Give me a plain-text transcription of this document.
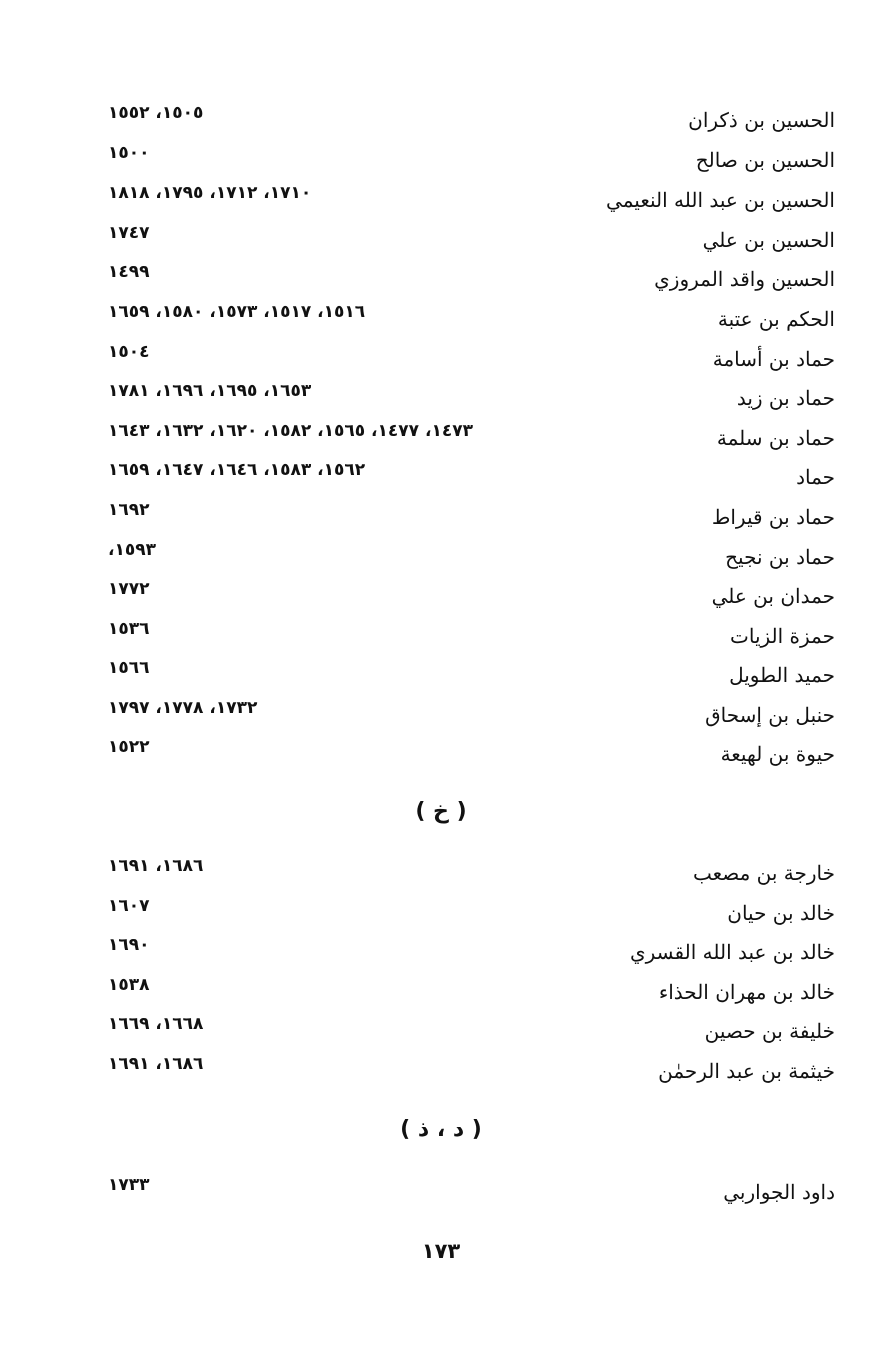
الحسين بن ذكران
١٥٠٥، ١٥٥٢
الحسين بن صالح
١٥٠٠
الحسين بن عبد الله النعيمي
١٧١٠، ١٧١٢، ١٧٩٥، ١٨١٨
الحسين بن علي
١٧٤٧
الحسين واقد المروزي
١٤٩٩
الحكم بن عتبة
١٥١٦، ١٥١٧، ١٥٧٣، ١٥٨٠، ١٦٥٩
حماد بن أسامة
١٥٠٤
حماد بن زيد
١٦٥٣، ١٦٩٥، ١٦٩٦، ١٧٨١
حماد بن سلمة
١٤٧٣، ١٤٧٧، ١٥٦٥، ١٥٨٢، ١٦٢٠، ١٦٣٢، ١٦٤٣
حماد
١٥٦٢، ١٥٨٣، ١٦٤٦، ١٦٤٧، ١٦٥٩
حماد بن قيراط
١٦٩٢
حماد بن نجيح
١٥٩٣،
حمدان بن علي
١٧٧٢
حمزة الزيات
١٥٣٦
حميد الطويل
١٥٦٦
حنبل بن إسحاق
١٧٣٢، ١٧٧٨، ١٧٩٧
حيوة بن لهيعة
١٥٢٢
( خ )
خارجة بن مصعب
١٦٨٦، ١٦٩١
خالد بن حيان
١٦٠٧
خالد بن عبد الله القسري
١٦٩٠
خالد بن مهران الحذاء
١٥٣٨
خليفة بن حصين
١٦٦٨، ١٦٦٩
خيثمة بن عبد الرحمٰن
١٦٨٦، ١٦٩١
( د ، ذ )
داود الجواربي
١٧٣٣
١٧٣
